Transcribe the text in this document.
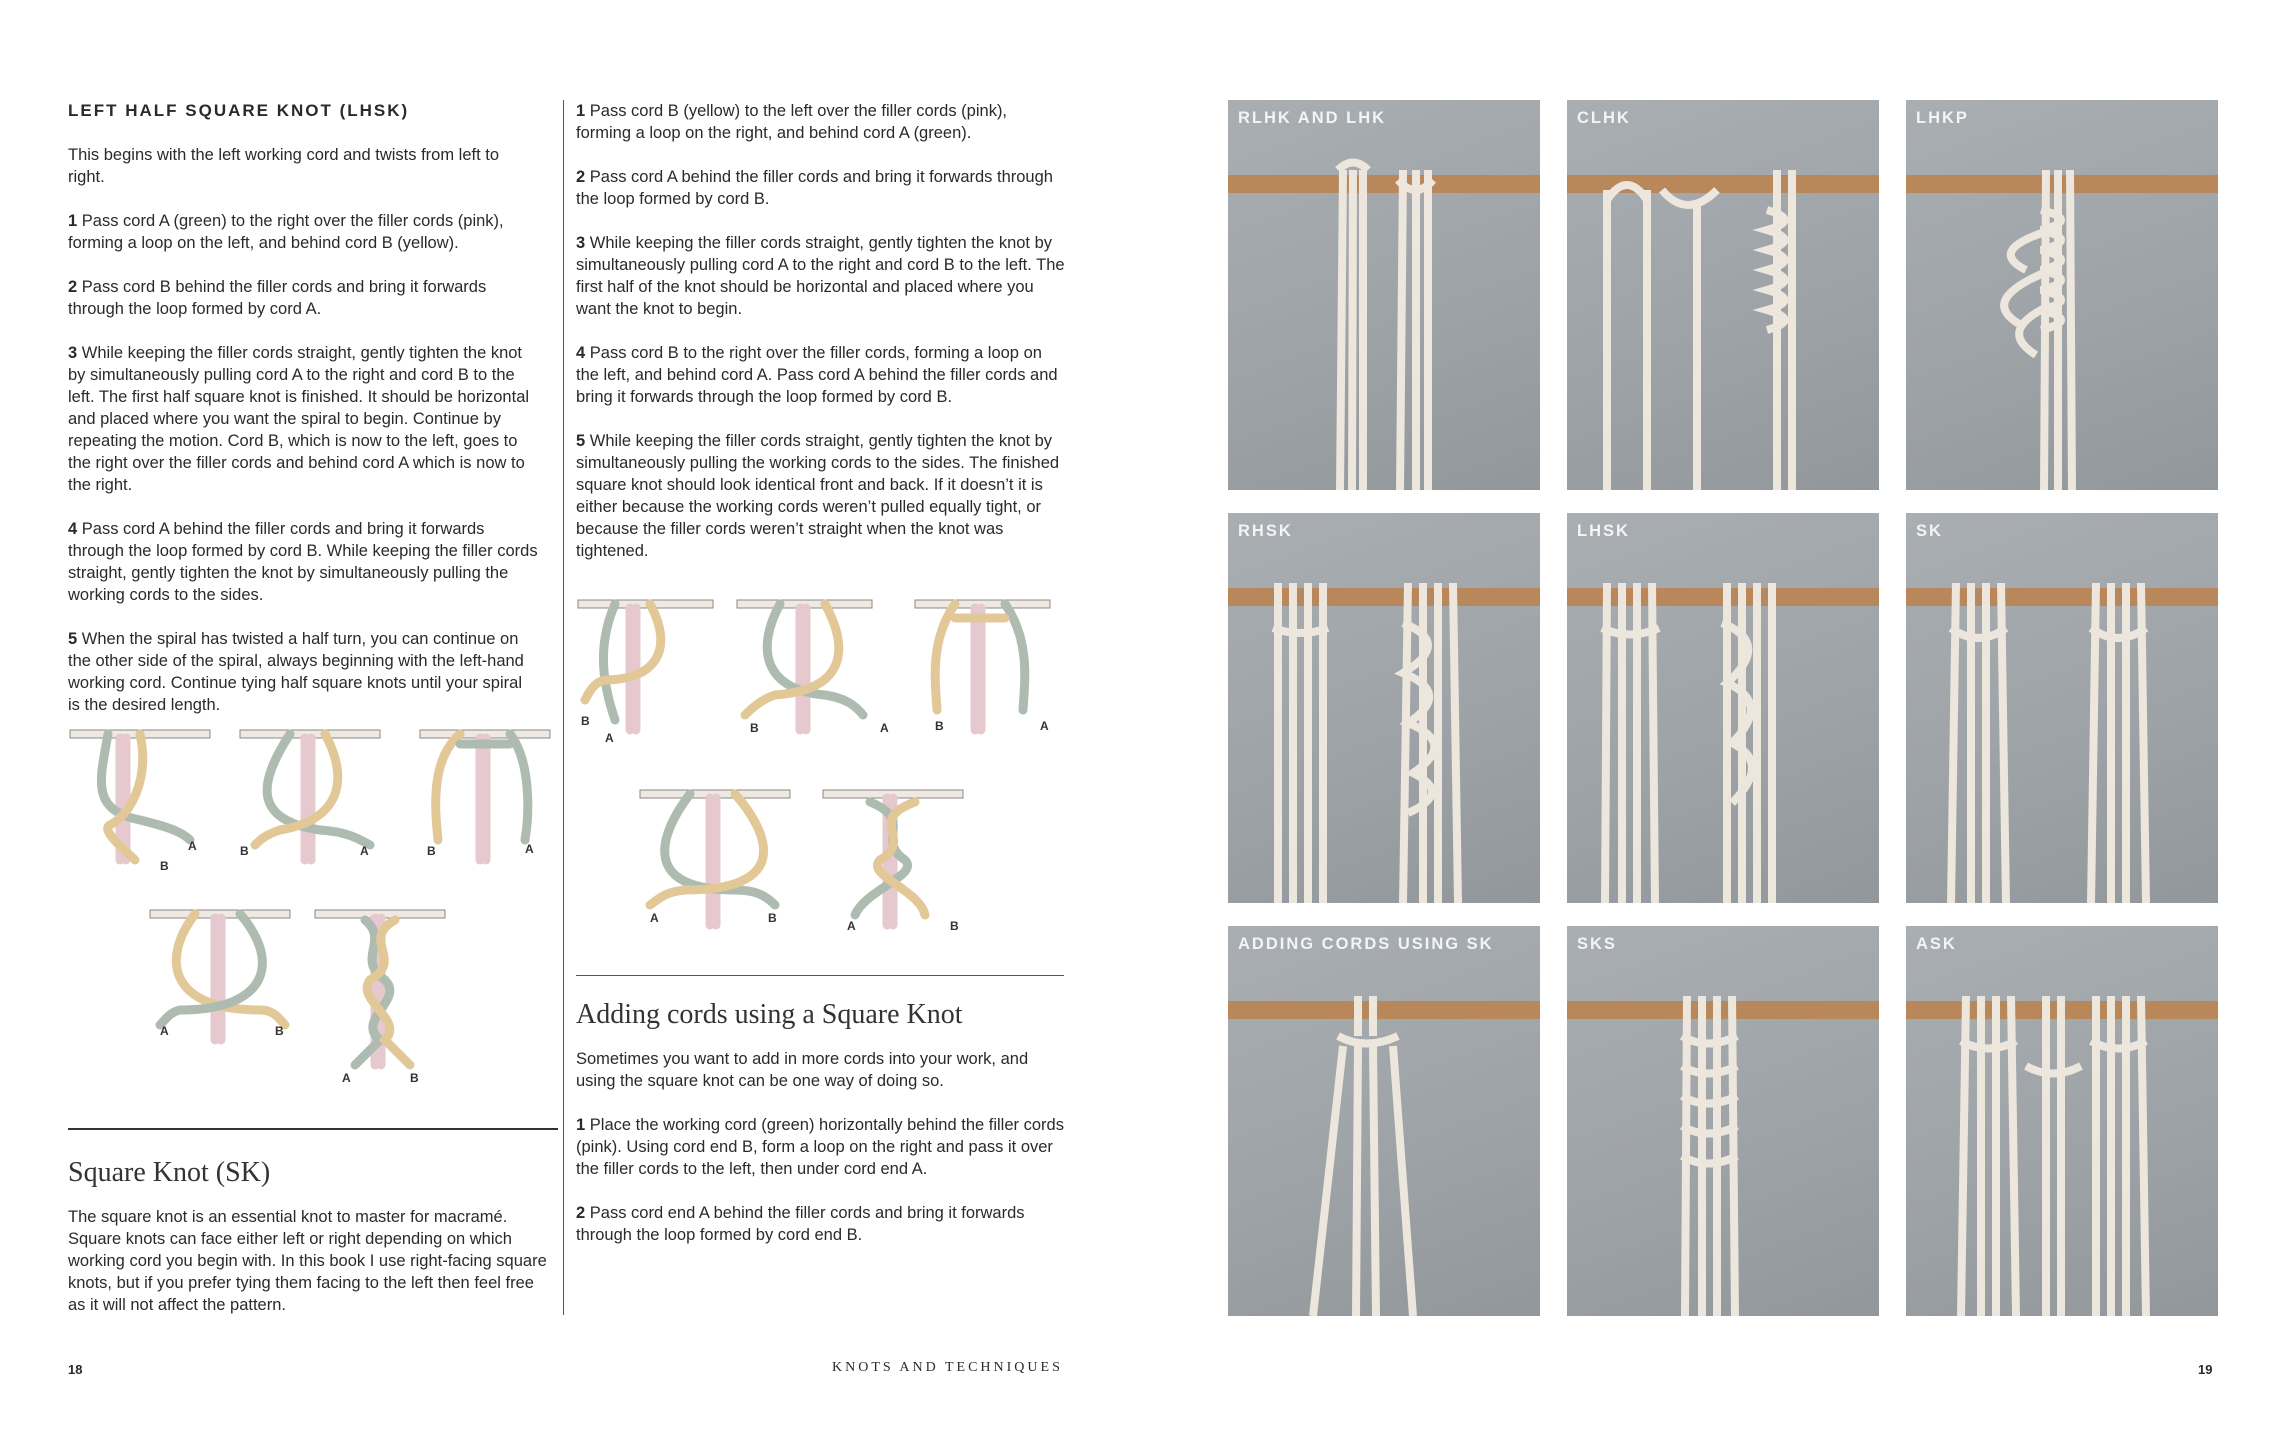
LEFT HALF SQUARE KNOT (LHSK)

This begins with the left working cord and twists from left to right.

1 Pass cord A (green) to the right over the filler cords (pink), forming a loop on the left, and behind cord B (yellow).

2 Pass cord B behind the filler cords and bring it forwards through the loop formed by cord A.

3 While keeping the filler cords straight, gently tighten the knot by simultaneously pulling cord A to the right and cord B to the left. The first half square knot is finished. It should be horizontal and placed where you want the spiral to begin. Continue by repeating the motion. Cord B, which is now to the left, goes to the right over the filler cords and behind cord A which is now to the right.

4 Pass cord A behind the filler cords and bring it forwards through the loop formed by cord B. While keeping the filler cords straight, gently tighten the knot by simultaneously pulling the working cords to the sides.

5 When the spiral has twisted a half turn, you can continue on the other side of the spiral, always beginning with the left-hand working cord. Continue tying half square knots until your spiral is the desired length.

A
B
B	A	B	A
A	B
A	B
Square Knot (SK)

The square knot is an essential knot to master for macramé. Square knots can face either left or right depending on which working cord you begin with. In this book I use right-facing square knots, but if you prefer tying them facing to the left then feel free as it will not affect the pattern.

1 Pass cord B (yellow) to the left over the filler cords (pink), forming a loop on the right, and behind cord A (green).

2 Pass cord A behind the filler cords and bring it forwards through the loop formed by cord B.

3 While keeping the filler cords straight, gently tighten the knot by simultaneously pulling cord A to the right and cord B to the left. The first half of the knot should be horizontal and placed where you want the knot to begin.

4 Pass cord B to the right over the filler cords, forming a loop on the left, and behind cord A. Pass cord A behind the filler cords and bring it forwards through the loop formed by cord B.

5 While keeping the filler cords straight, gently tighten the knot by simultaneously pulling the working cords to the sides. The finished square knot should look identical front and back. If it doesn’t it is either because the working cords weren’t pulled equally tight, or because the filler cords weren’t straight when the knot was tightened.

B
A
B	A	B	A
A	B
A	B
Adding cords using a Square Knot

Sometimes you want to add in more cords into your work, and using the square knot can be one way of doing so.

1 Place the working cord (green) horizontally behind the filler cords (pink). Using cord end B, form a loop on the right and pass it over the filler cords to the left, then under cord end A.

2 Pass cord end A behind the filler cords and bring it forwards through the loop formed by cord end B.

18	KNOTS AND TECHNIQUES
RLHK AND LHK	CLHK	LHKP
RHSK	LHSK	SK
ADDING CORDS USING SK	SKS	ASK
19
